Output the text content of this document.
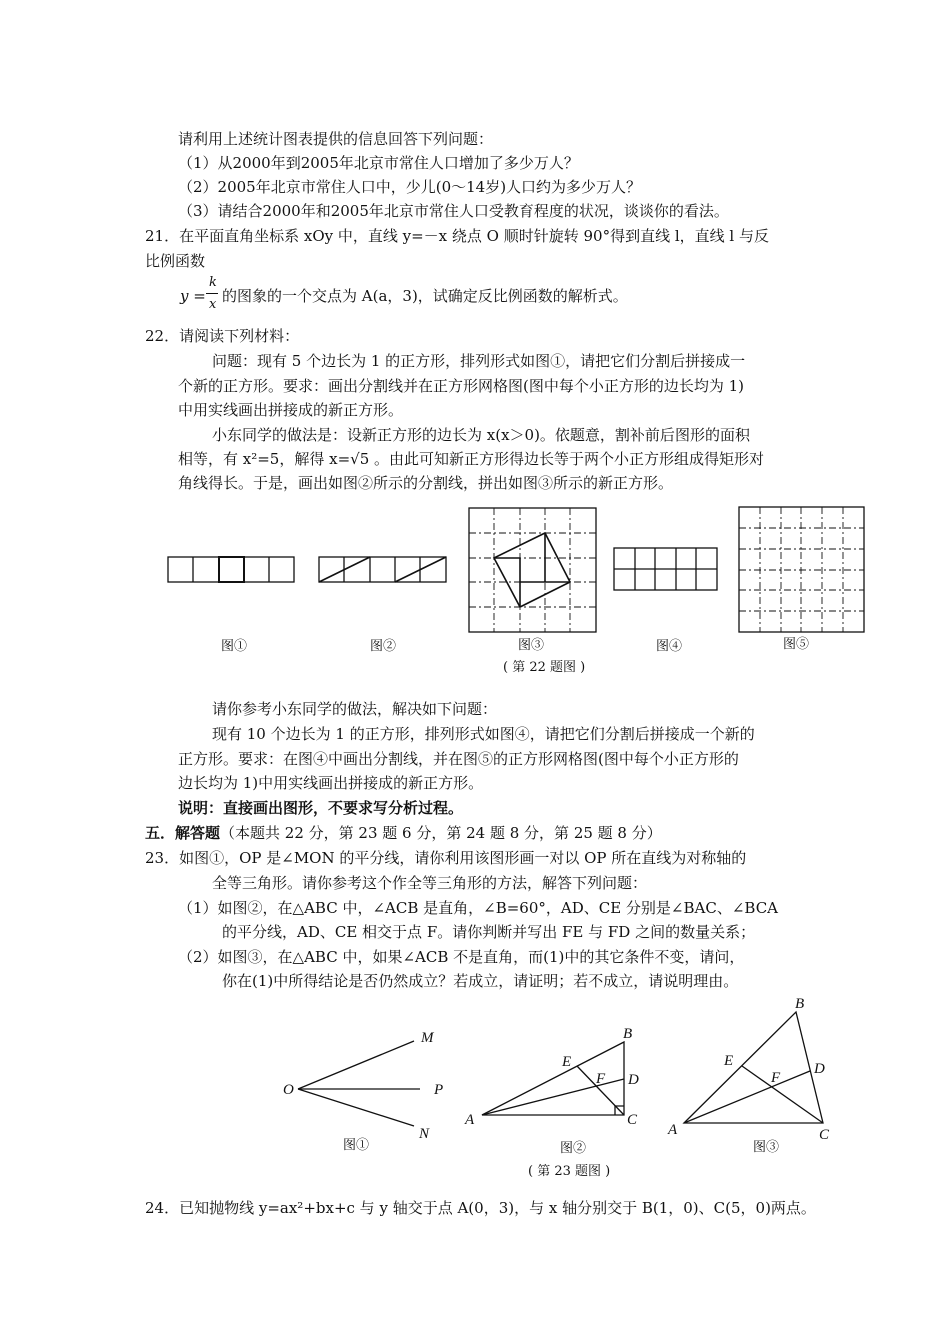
请利用上述统计图表提供的信息回答下列问题：
（1）从2000年到2005年北京市常住人口增加了多少万人？
（2）2005年北京市常住人口中，少儿(0～14岁)人口约为多少万人？
（3）请结合2000年和2005年北京市常住人口受教育程度的状况，谈谈你的看法。
21．在平面直角坐标系 xOy 中，直线 y=－x 绕点 O 顺时针旋转 90°得到直线 l，直线 l 与反
比例函数
y =
k
x 的图象的一个交点为 A(a，3)，试确定反比例函数的解析式。
22．请阅读下列材料：
问题：现有 5 个边长为 1 的正方形，排列形式如图①，请把它们分割后拼接成一
个新的正方形。要求：画出分割线并在正方形网格图(图中每个小正方形的边长均为 1)
中用实线画出拼接成的新正方形。
小东同学的做法是：设新正方形的边长为 x(x＞0)。依题意，割补前后图形的面积
相等，有 x²=5，解得 x=√5 。由此可知新正方形得边长等于两个小正方形组成得矩形对
角线得长。于是，画出如图②所示的分割线，拼出如图③所示的新正方形。
图①	图②	图③	图④	图⑤
( 第 22 题图 )
请你参考小东同学的做法，解决如下问题：
现有 10 个边长为 1 的正方形，排列形式如图④，请把它们分割后拼接成一个新的
正方形。要求：在图④中画出分割线，并在图⑤的正方形网格图(图中每个小正方形的
边长均为 1)中用实线画出拼接成的新正方形。
说明：直接画出图形，不要求写分析过程。
五．解答题（本题共 22 分，第 23 题 6 分，第 24 题 8 分，第 25 题 8 分）
23．如图①，OP 是∠MON 的平分线，请你利用该图形画一对以 OP 所在直线为对称轴的
全等三角形。请你参考这个作全等三角形的方法，解答下列问题：
（1）如图②，在△ABC 中，∠ACB 是直角，∠B=60°，AD、CE 分别是∠BAC、∠BCA
的平分线，AD、CE 相交于点 F。请你判断并写出 FE 与 FD 之间的数量关系；
（2）如图③，在△ABC 中，如果∠ACB 不是直角，而(1)中的其它条件不变，请问，
你在(1)中所得结论是否仍然成立？若成立，请证明；若不成立，请说明理由。
M
O	P
N
A
B
C
D
E
F
A
B
C
D
E
F
图①	图②	图③
( 第 23 题图 )
24．已知抛物线 y=ax²+bx+c 与 y 轴交于点 A(0，3)，与 x 轴分别交于 B(1，0)、C(5，0)两点。
